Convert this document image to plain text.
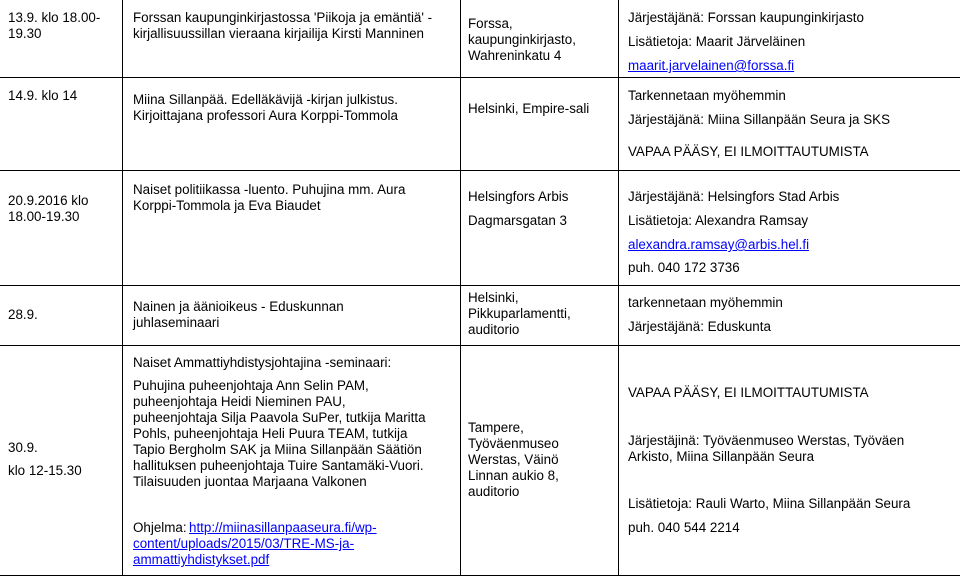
13.9. klo 18.00-
19.30
Forssan kaupunginkirjastossa 'Piikoja ja emäntiä' -
kirjallisuussillan vieraana kirjailija Kirsti Manninen
Forssa,
kaupunginkirjasto,
Wahreninkatu 4
Järjestäjänä: Forssan kaupunginkirjasto
Lisätietoja: Maarit Järveläinen
maarit.jarvelainen@forssa.fi
14.9. klo 14	Miina Sillanpää. Edelläkävijä -kirjan julkistus.
Kirjoittajana professori Aura Korppi-Tommola	Helsinki, Empire-sali
Tarkennetaan myöhemmin
Järjestäjänä: Miina Sillanpään Seura ja SKS
VAPAA PÄÄSY, EI ILMOITTAUTUMISTA
20.9.2016 klo
18.00-19.30
Naiset politiikassa -luento. Puhujina mm. Aura
Korppi-Tommola ja Eva Biaudet
Helsingfors Arbis
Dagmarsgatan 3
Järjestäjänä: Helsingfors Stad Arbis
Lisätietoja: Alexandra Ramsay
alexandra.ramsay@arbis.hel.fi
puh. 040 172 3736
28.9.
Nainen ja äänioikeus - Eduskunnan
juhlaseminaari
Helsinki,
Pikkuparlamentti,
auditorio
tarkennetaan myöhemmin
Järjestäjänä: Eduskunta
30.9.
klo 12-15.30
Naiset Ammattiyhdistysjohtajina -seminaari:
Puhujina puheenjohtaja Ann Selin PAM,
puheenjohtaja Heidi Nieminen PAU,
puheenjohtaja Silja Paavola SuPer, tutkija Maritta
Pohls, puheenjohtaja Heli Puura TEAM, tutkija
Tapio Bergholm SAK ja Miina Sillanpään Säätiön
hallituksen puheenjohtaja Tuire Santamäki-Vuori.
Tilaisuuden juontaa Marjaana Valkonen
Ohjelma:
http://miinasillanpaaseura.fi/wp-
content/uploads/2015/03/TRE-MS-ja-
ammattiyhdistykset.pdf
Tampere,
Työväenmuseo
Werstas, Väinö
Linnan aukio 8,
auditorio
VAPAA PÄÄSY, EI ILMOITTAUTUMISTA
Järjestäjinä: Työväenmuseo Werstas, Työväen
Arkisto, Miina Sillanpään Seura
Lisätietoja: Rauli Warto, Miina Sillanpään Seura
puh. 040 544 2214
